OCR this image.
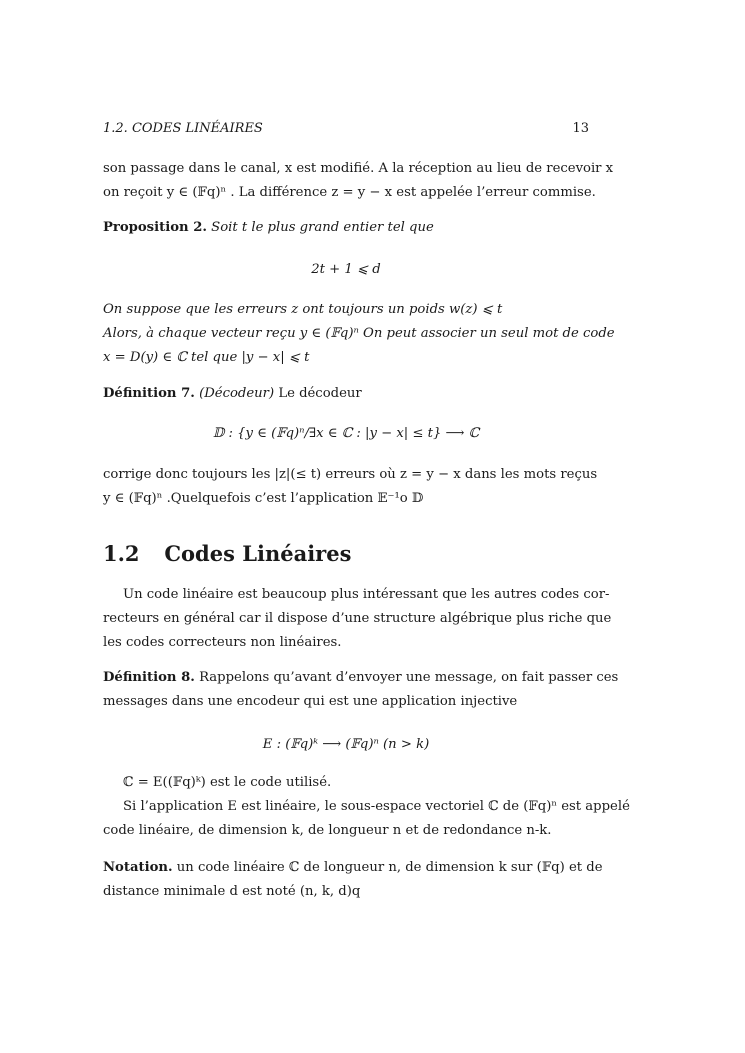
1.2. CODES LINÉAIRES	13
son passage dans le canal, x est modifié. A la réception au lieu de recevoir x
on reçoit y ∈ (𝔽q)ⁿ . La différence z = y − x est appelée l’erreur commise.
Proposition 2. Soit t le plus grand entier tel que
2t + 1 ⩽ d
On suppose que les erreurs z ont toujours un poids w(z) ⩽ t
Alors, à chaque vecteur reçu y ∈ (𝔽q)ⁿ On peut associer un seul mot de code
x = D(y) ∈ ℂ tel que |y − x| ⩽ t
Définition 7. (Décodeur) Le décodeur
𝔻 : {y ∈ (𝔽q)ⁿ/∃x ∈ ℂ : |y − x| ≤ t} ⟶ ℂ
corrige donc toujours les |z|(≤ t) erreurs où z = y − x dans les mots reçus
y ∈ (𝔽q)ⁿ .Quelquefois c’est l’application 𝔼⁻¹o 𝔻
1.2 Codes Linéaires
Un code linéaire est beaucoup plus intéressant que les autres codes cor-
recteurs en général car il dispose d’une structure algébrique plus riche que
les codes correcteurs non linéaires.
Définition 8. Rappelons qu’avant d’envoyer une message, on fait passer ces
messages dans une encodeur qui est une application injective
E : (𝔽q)ᵏ ⟶ (𝔽q)ⁿ (n > k)
ℂ = E((𝔽q)ᵏ) est le code utilisé.
Si l’application E est linéaire, le sous-espace vectoriel ℂ de (𝔽q)ⁿ est appelé
code linéaire, de dimension k, de longueur n et de redondance n-k.
Notation. un code linéaire ℂ de longueur n, de dimension k sur (𝔽q) et de
distance minimale d est noté (n, k, d)q
